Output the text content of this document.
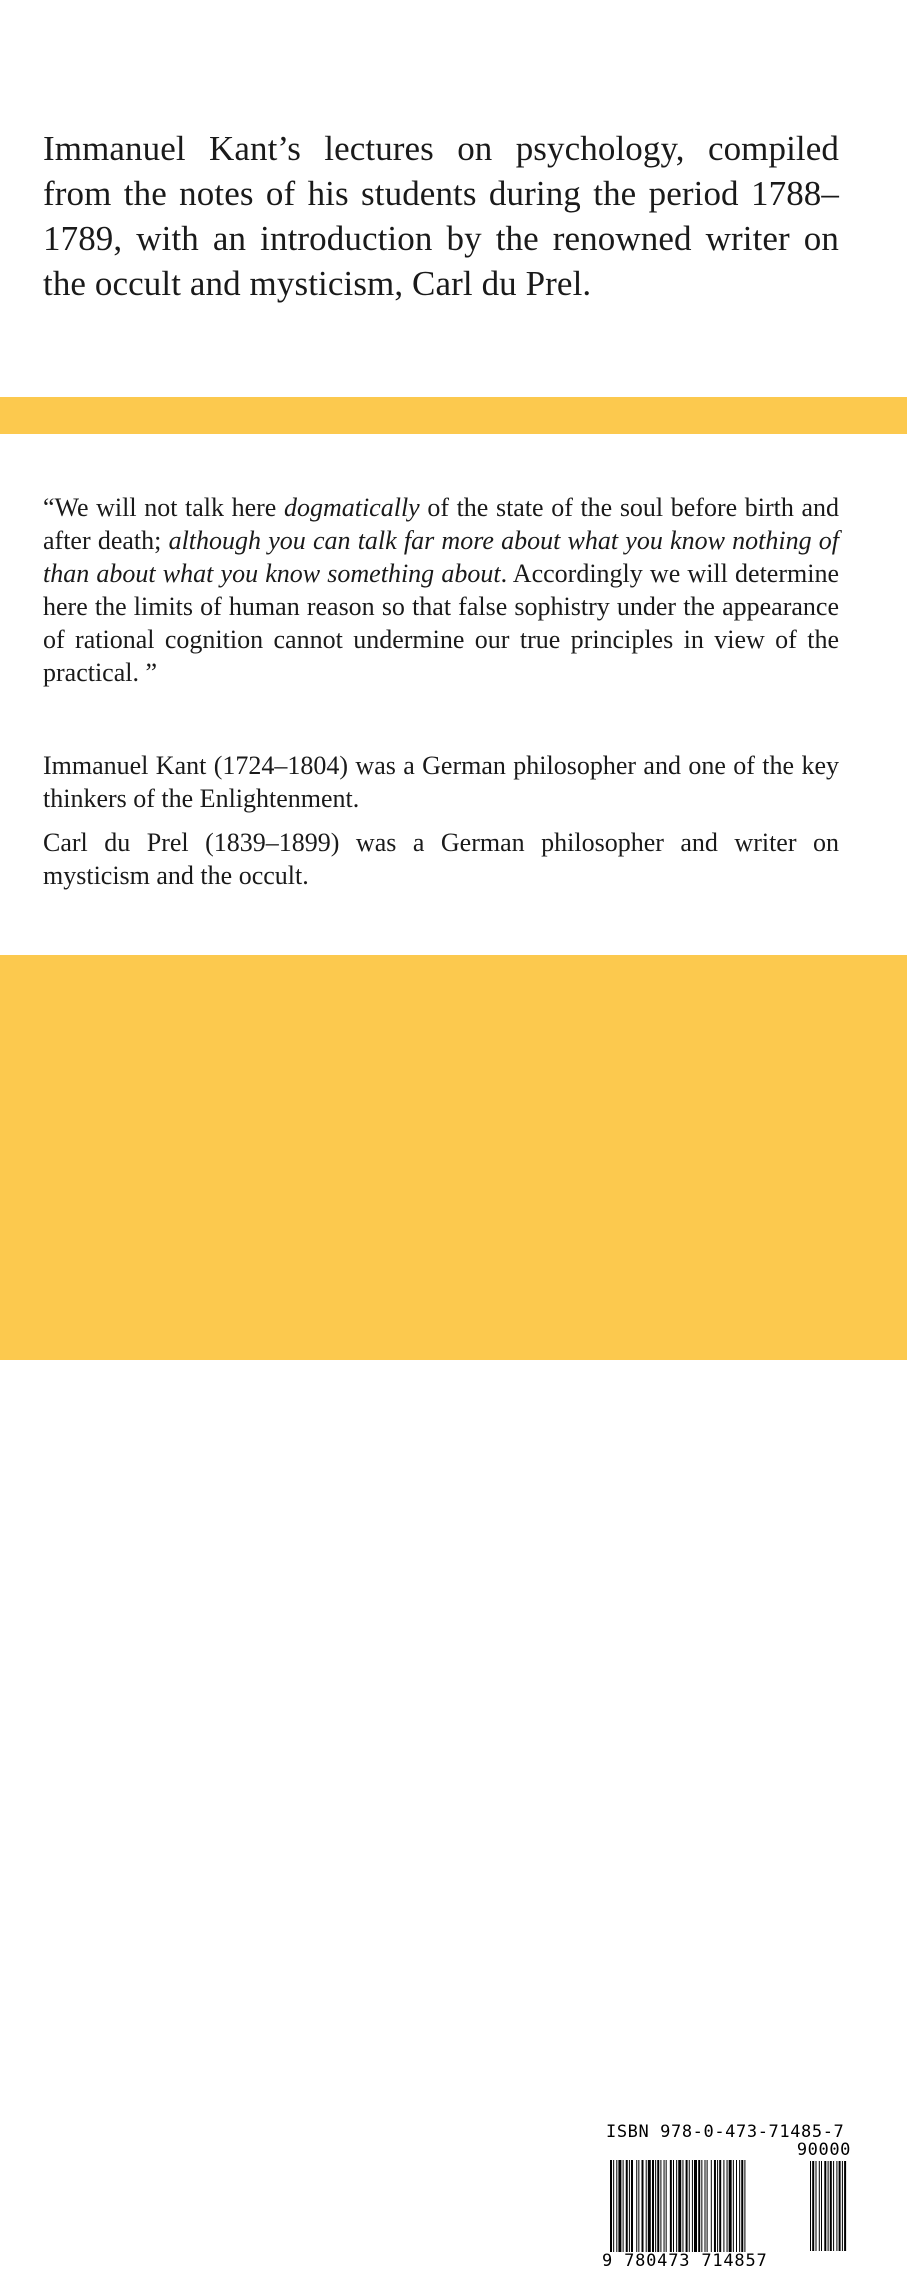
Immanuel Kant’s lectures on psychology, compiled from the notes of his students during the period 1788–1789, with an introduction by the renowned writer on the occult and mysticism, Carl du Prel.

“We will not talk here dogmatically of the state of the soul before birth and after death; although you can talk far more about what you know nothing of than about what you know something about. Accordingly we will determine here the limits of human reason so that false sophistry under the appearance of rational cognition cannot undermine our true principles in view of the practical. ”

Immanuel Kant (1724–1804) was a German philosopher and one of the key thinkers of the Enlightenment.

Carl du Prel (1839–1899) was a German philosopher and writer on mysticism and the occult.

ISBN 978-0-473-71485-7
90000
9 780473 714857
